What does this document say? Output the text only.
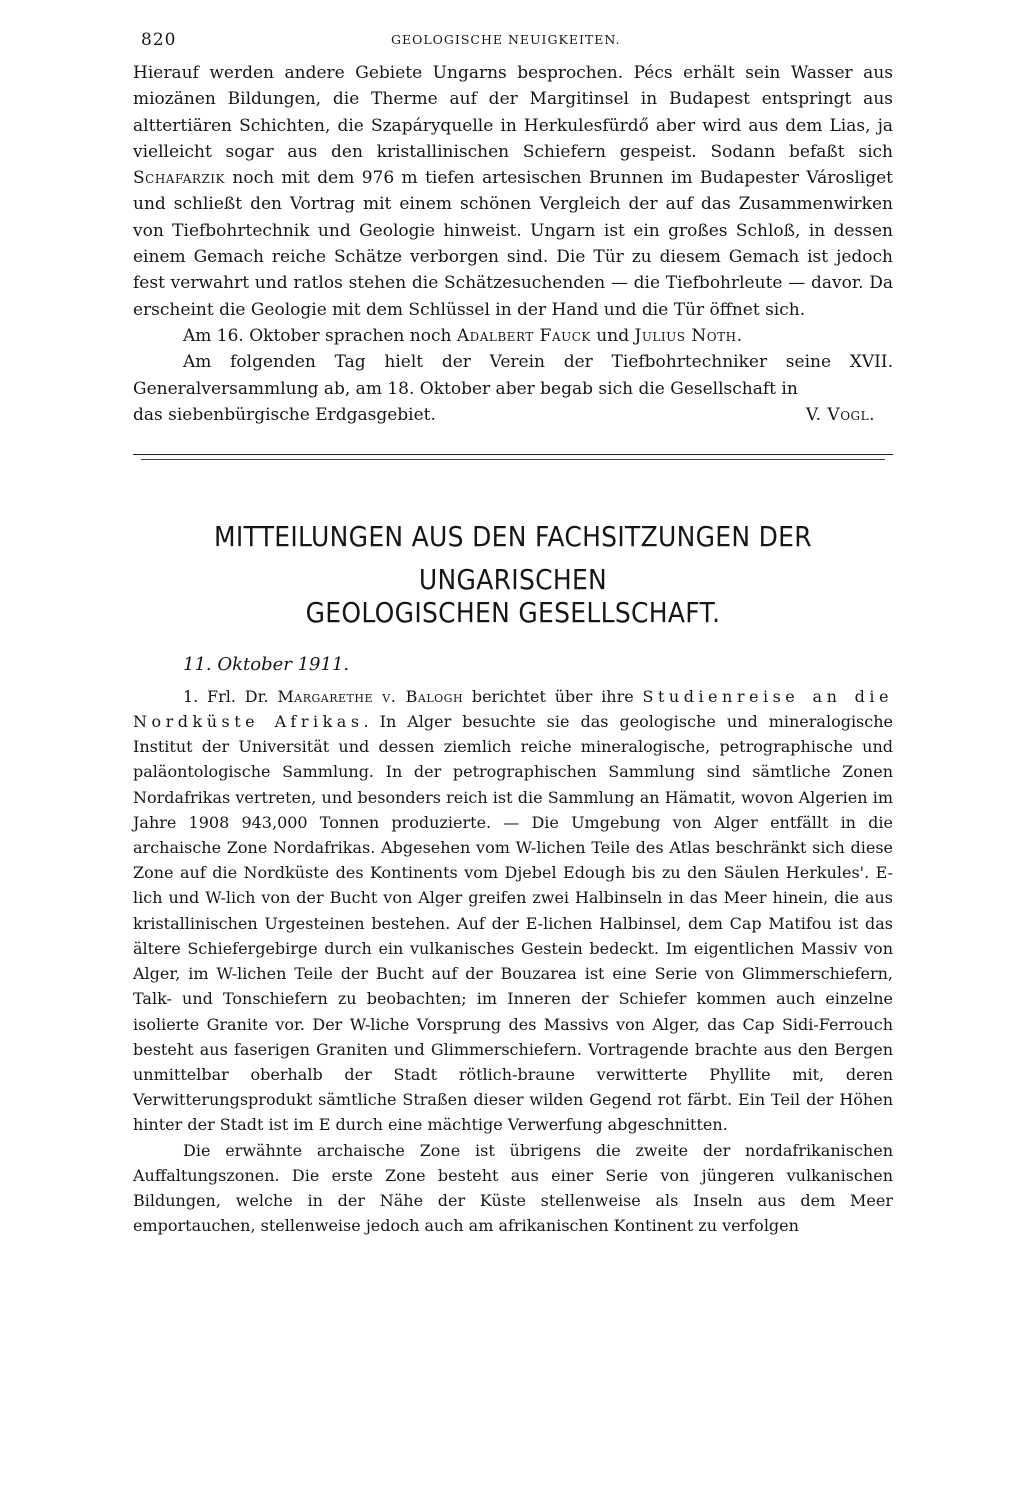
820	GEOLOGISCHE NEUIGKEITEN.

Hierauf werden andere Gebiete Ungarns besprochen. Pécs erhält sein Wasser aus miozänen Bildungen, die Therme auf der Margitinsel in Budapest entspringt aus alttertiären Schichten, die Szapáryquelle in Herkulesfürdő aber wird aus dem Lias, ja vielleicht sogar aus den kristallinischen Schiefern gespeist. Sodann befaßt sich Schafarzik noch mit dem 976 m tiefen artesischen Brunnen im Budapester Városliget und schließt den Vortrag mit einem schönen Vergleich der auf das Zusammenwirken von Tiefbohrtechnik und Geologie hinweist. Ungarn ist ein großes Schloß, in dessen einem Gemach reiche Schätze verborgen sind. Die Tür zu diesem Gemach ist jedoch fest verwahrt und ratlos stehen die Schätzesuchenden — die Tiefbohrleute — davor. Da erscheint die Geologie mit dem Schlüssel in der Hand und die Tür öffnet sich.

Am 16. Oktober sprachen noch Adalbert Fauck und Julius Noth.

Am folgenden Tag hielt der Verein der Tiefbohrtechniker seine XVII. Generalversammlung ab, am 18. Oktober aber begab sich die Gesellschaft in

das siebenbürgische Erdgasgebiet.	V. Vogl.
MITTEILUNGEN AUS DEN FACHSITZUNGEN DER UNGARISCHEN
GEOLOGISCHEN GESELLSCHAFT.
11. Oktober 1911.

1. Frl. Dr. Margarethe v. Balogh berichtet über ihre Studienreise an die Nordküste Afrikas. In Alger besuchte sie das geologische und mineralogische Institut der Universität und dessen ziemlich reiche mineralogische, petrographische und paläontologische Sammlung. In der petrographischen Sammlung sind sämtliche Zonen Nordafrikas vertreten, und besonders reich ist die Sammlung an Hämatit, wovon Algerien im Jahre 1908 943,000 Tonnen produzierte. — Die Umgebung von Alger entfällt in die archaische Zone Nordafrikas. Abgesehen vom W-lichen Teile des Atlas beschränkt sich diese Zone auf die Nordküste des Kontinents vom Djebel Edough bis zu den Säulen Herkules'. E-lich und W-lich von der Bucht von Alger greifen zwei Halbinseln in das Meer hinein, die aus kristallinischen Urgesteinen bestehen. Auf der E-lichen Halbinsel, dem Cap Matifou ist das ältere Schiefergebirge durch ein vulkanisches Gestein bedeckt. Im eigentlichen Massiv von Alger, im W-lichen Teile der Bucht auf der Bouzarea ist eine Serie von Glimmerschiefern, Talk- und Tonschiefern zu beobachten; im Inneren der Schiefer kommen auch einzelne isolierte Granite vor. Der W-liche Vorsprung des Massivs von Alger, das Cap Sidi-Ferrouch besteht aus faserigen Graniten und Glimmerschiefern. Vortragende brachte aus den Bergen unmittelbar oberhalb der Stadt rötlich-braune verwitterte Phyllite mit, deren Verwitterungsprodukt sämtliche Straßen dieser wilden Gegend rot färbt. Ein Teil der Höhen hinter der Stadt ist im E durch eine mächtige Verwerfung abgeschnitten.

Die erwähnte archaische Zone ist übrigens die zweite der nordafrikanischen Auffaltungszonen. Die erste Zone besteht aus einer Serie von jüngeren vulkanischen Bildungen, welche in der Nähe der Küste stellenweise als Inseln aus dem Meer emportauchen, stellenweise jedoch auch am afrikanischen Kontinent zu verfolgen
